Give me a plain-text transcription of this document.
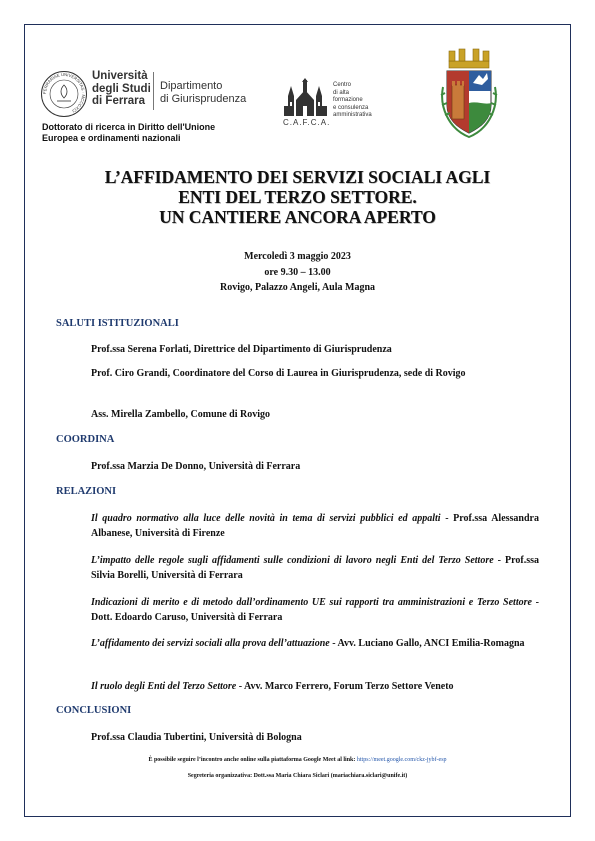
FERRARIAE UNIVERSITAS · MCCCXCI
Università
degli Studi
di Ferrara
Dipartimento
di Giurisprudenza
Dottorato di ricerca in Diritto dell'Unione
Europea e ordinamenti nazionali
Centro
di alta
formazione
e consulenza
amministrativa
C.A.F.C.A.
L’AFFIDAMENTO DEI SERVIZI SOCIALI AGLI
ENTI DEL TERZO SETTORE.
UN CANTIERE ANCORA APERTO
Mercoledì 3 maggio 2023
ore 9.30 – 13.00
Rovigo, Palazzo Angeli, Aula Magna
SALUTI ISTITUZIONALI
Prof.ssa Serena Forlati, Direttrice del Dipartimento di Giurisprudenza
Prof. Ciro Grandi, Coordinatore del Corso di Laurea in Giurisprudenza, sede di Rovigo
Ass. Mirella Zambello, Comune di Rovigo
COORDINA
Prof.ssa Marzia De Donno, Università di Ferrara
RELAZIONI
Il quadro normativo alla luce delle novità in tema di servizi pubblici ed appalti - Prof.ssa Alessandra Albanese, Università di Firenze
L’impatto delle regole sugli affidamenti sulle condizioni di lavoro negli Enti del Terzo Settore - Prof.ssa Silvia Borelli, Università di Ferrara
Indicazioni di merito e di metodo dall’ordinamento UE sui rapporti tra amministrazioni e Terzo Settore - Dott. Edoardo Caruso, Università di Ferrara
L’affidamento dei servizi sociali alla prova dell’attuazione - Avv. Luciano Gallo, ANCI Emilia-Romagna
Il ruolo degli Enti del Terzo Settore - Avv. Marco Ferrero, Forum Terzo Settore Veneto
CONCLUSIONI
Prof.ssa Claudia Tubertini, Università di Bologna
È possibile seguire l’incontro anche online sulla piattaforma Google Meet al link: https://meet.google.com/ckz-jybf-esp
Segreteria organizzativa: Dott.ssa Maria Chiara Siclari (mariachiara.siclari@unife.it)
